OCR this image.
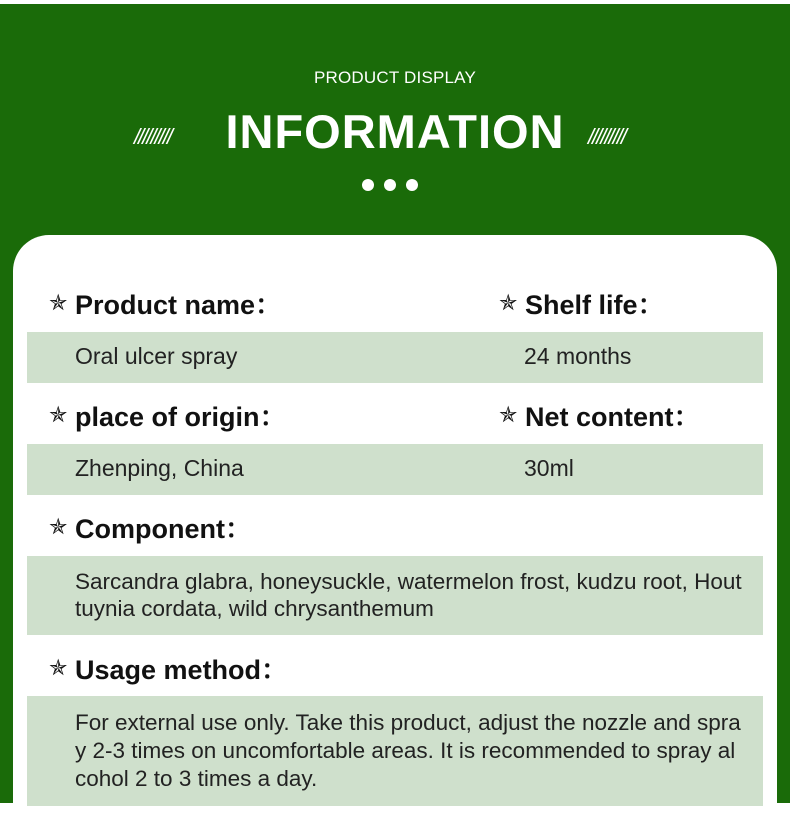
PRODUCT DISPLAY
/////////	INFORMATION	/////////
✯ Product name：	✯ Shelf life：
Oral ulcer spray	24 months
✯ place of origin：	✯ Net content：
Zhenping, China	30ml
✯ Component：
Sarcandra glabra, honeysuckle, watermelon frost, kudzu root, Houttuynia cordata, wild chrysanthemum
✯ Usage method：
For external use only. Take this product, adjust the nozzle and spray 2-3 times on uncomfortable areas. It is recommended to spray alcohol 2 to 3 times a day.
